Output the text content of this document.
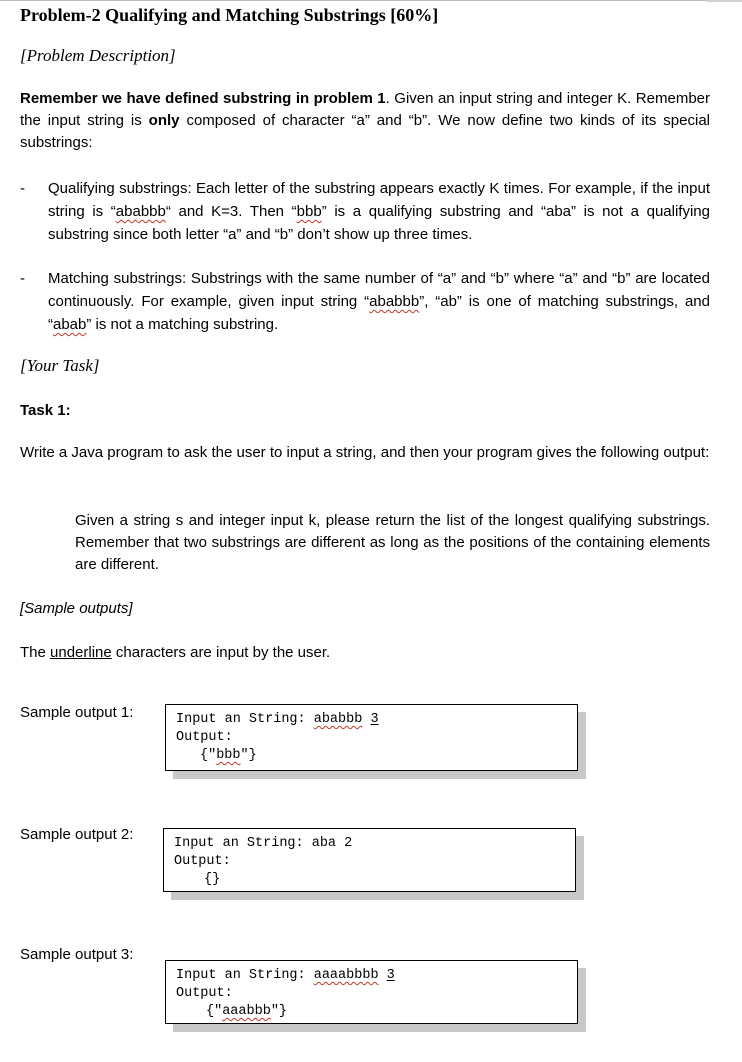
Problem-2 Qualifying and Matching Substrings [60%]
[Problem Description]
Remember we have defined substring in problem 1. Given an input string and integer K. Remember the input string is only composed of character “a” and “b”. We now define two kinds of its special substrings:
- Qualifying substrings: Each letter of the substring appears exactly K times. For example, if the input string is “ababbb“ and K=3. Then “bbb” is a qualifying substring and “aba” is not a qualifying substring since both letter “a” and “b” don’t show up three times.
- Matching substrings: Substrings with the same number of “a” and “b” where “a” and “b” are located continuously. For example, given input string “ababbb”, “ab” is one of matching substrings, and “abab” is not a matching substring.
[Your Task]
Task 1:
Write a Java program to ask the user to input a string, and then your program gives the following output:
Given a string s and integer input k, please return the list of the longest qualifying substrings. Remember that two substrings are different as long as the positions of the containing elements are different.
[Sample outputs]
The underline characters are input by the user.
Sample output 1:	Input an String: ababbb 3
Output:
{"bbb"}
Sample output 2:
Input an String: aba 2
Output:
{}
Sample output 3:
Input an String: aaaabbbb 3
Output:
{"aaabbb"}
